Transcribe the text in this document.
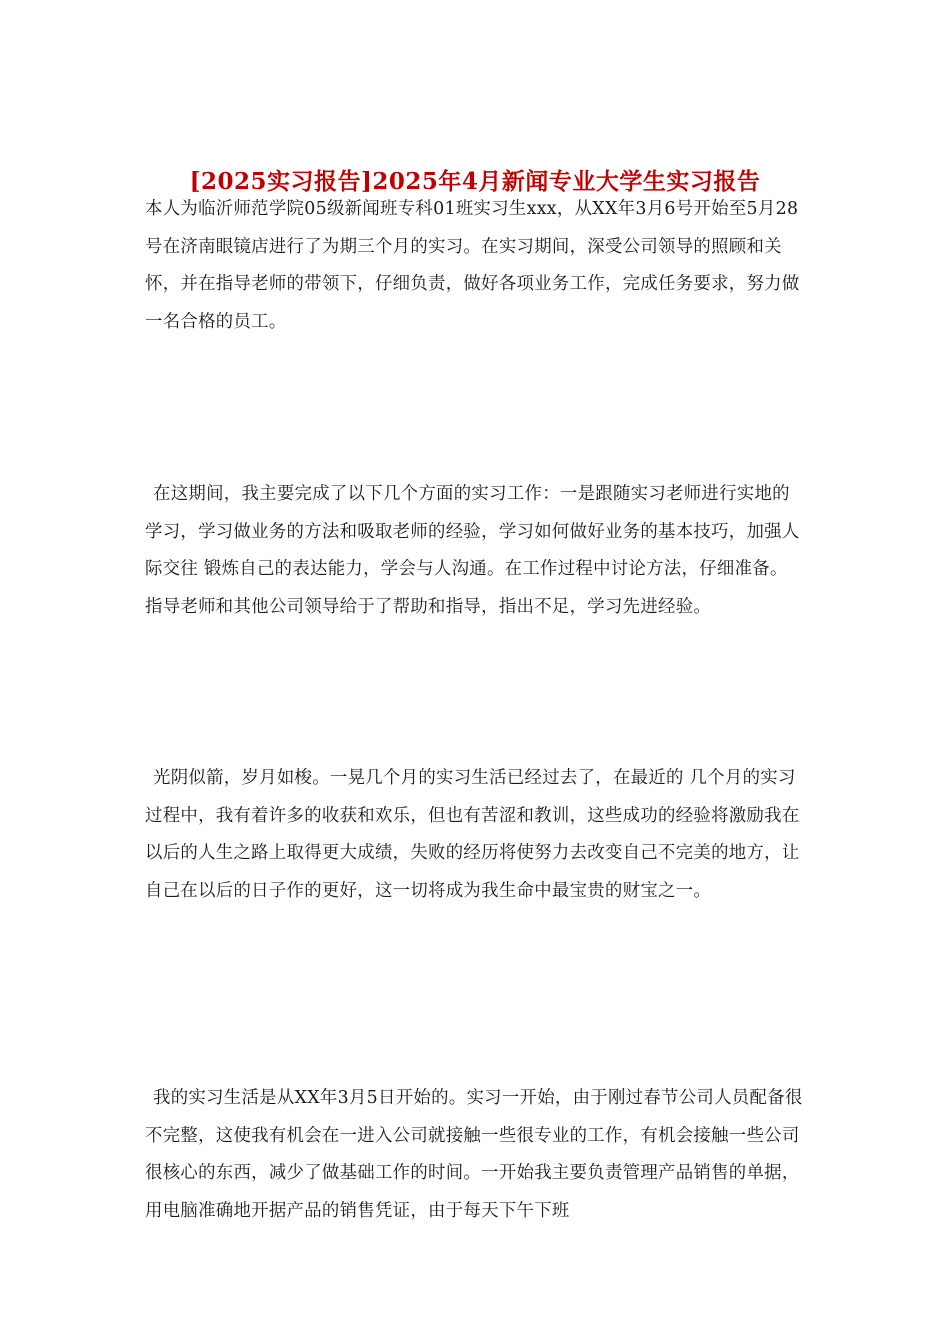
[2025实习报告]2025年4月新闻专业大学生实习报告

本人为临沂师范学院05级新闻班专科01班实习生xxx，从XX年3月6号开始至5月28号在济南眼镜店进行了为期三个月的实习。在实习期间，深受公司领导的照顾和关怀，并在指导老师的带领下，仔细负责，做好各项业务工作，完成任务要求，努力做一名合格的员工。

在这期间，我主要完成了以下几个方面的实习工作：一是跟随实习老师进行实地的学习，学习做业务的方法和吸取老师的经验，学习如何做好业务的基本技巧，加强人际交往 锻炼自己的表达能力，学会与人沟通。在工作过程中讨论方法，仔细准备。指导老师和其他公司领导给于了帮助和指导，指出不足，学习先进经验。

光阴似箭，岁月如梭。一晃几个月的实习生活已经过去了，在最近的 几个月的实习过程中，我有着许多的收获和欢乐，但也有苦涩和教训，这些成功的经验将激励我在以后的人生之路上取得更大成绩，失败的经历将使努力去改变自己不完美的地方，让自己在以后的日子作的更好，这一切将成为我生命中最宝贵的财宝之一。

我的实习生活是从XX年3月5日开始的。实习一开始，由于刚过春节公司人员配备很不完整，这使我有机会在一进入公司就接触一些很专业的工作，有机会接触一些公司很核心的东西，减少了做基础工作的时间。一开始我主要负责管理产品销售的单据，用电脑准确地开据产品的销售凭证，由于每天下午下班
